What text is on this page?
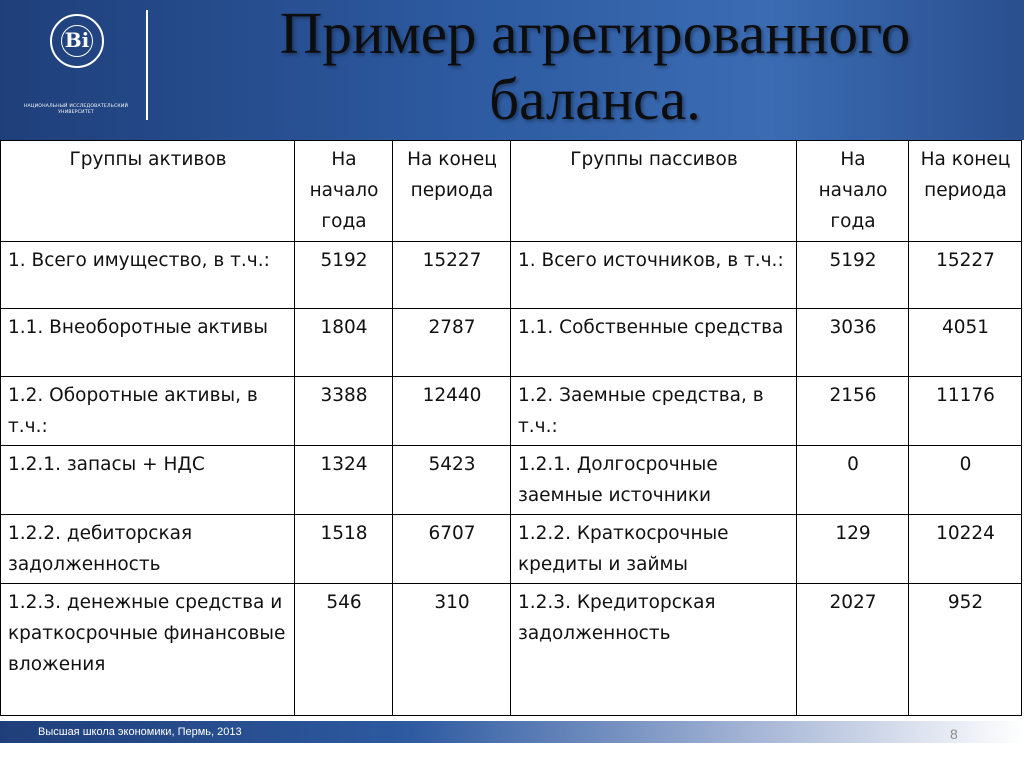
Ві
НАЦИОНАЛЬНЫЙ ИССЛЕДОВАТЕЛЬСКИЙ УНИВЕРСИТЕТ
Пример агрегированного баланса.
Группы активов	На начало года	На конец периода	Группы пассивов	На начало года	На конец периода
1. Всего имущество, в т.ч.:	5192	15227	1. Всего источников, в т.ч.:	5192	15227
1.1. Внеоборотные активы	1804	2787	1.1. Собственные средства	3036	4051
1.2. Оборотные активы, в т.ч.:	3388	12440	1.2. Заемные средства, в т.ч.:	2156	11176
1.2.1. запасы + НДС	1324	5423	1.2.1. Долгосрочные заемные источники	0	0
1.2.2. дебиторская задолженность	1518	6707	1.2.2. Краткосрочные кредиты и займы	129	10224
1.2.3. денежные средства и краткосрочные финансовые вложения	546	310	1.2.3. Кредиторская задолженность	2027	952
Высшая школа экономики, Пермь, 2013	8
